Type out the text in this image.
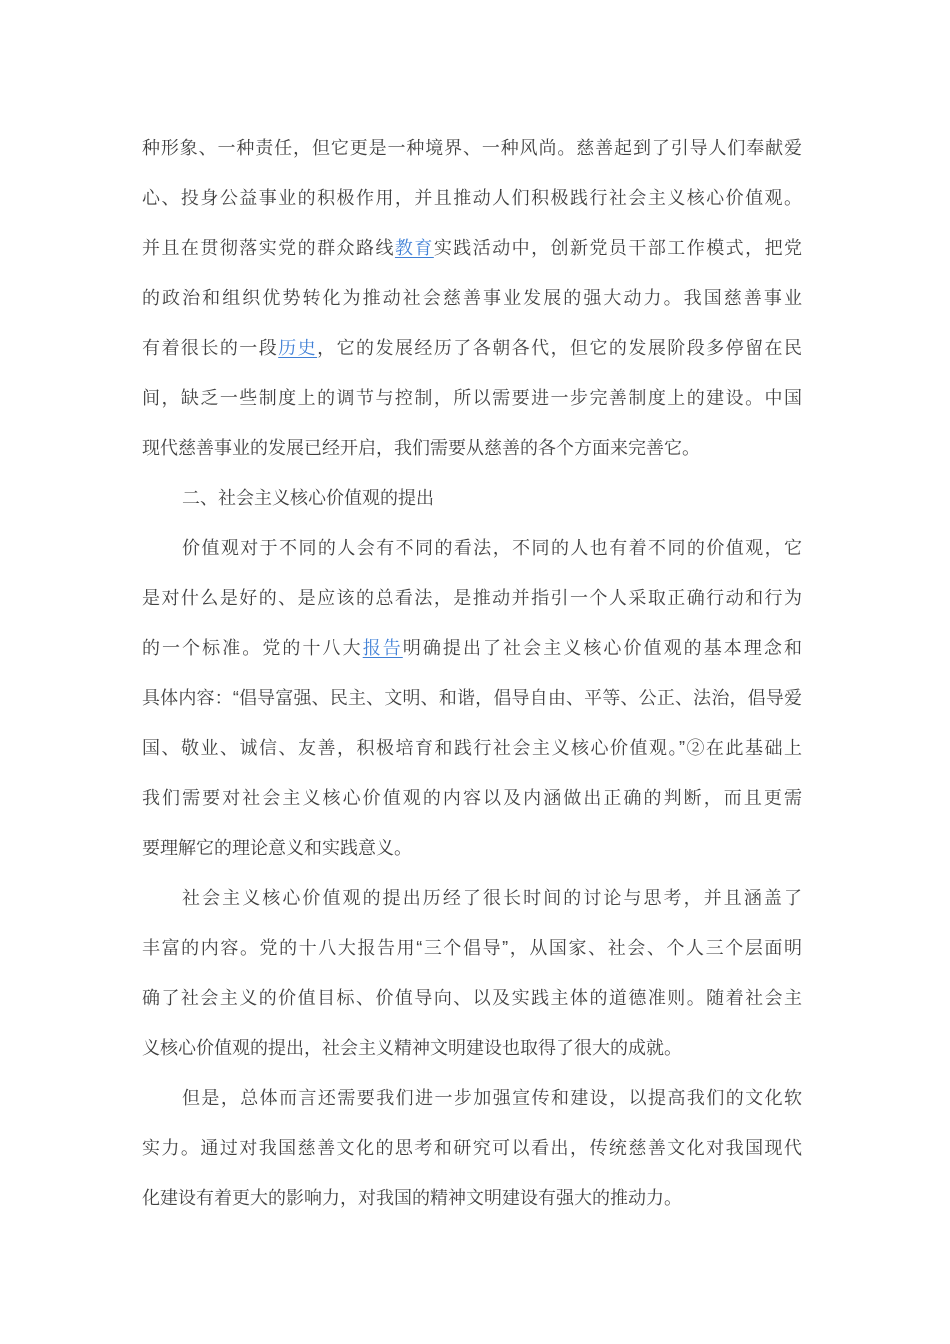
种形象、一种责任，但它更是一种境界、一种风尚。慈善起到了引导人们奉献爱
心、投身公益事业的积极作用，并且推动人们积极践行社会主义核心价值观。
并且在贯彻落实党的群众路线教育实践活动中，创新党员干部工作模式，把党
的政治和组织优势转化为推动社会慈善事业发展的强大动力。我国慈善事业
有着很长的一段历史，它的发展经历了各朝各代，但它的发展阶段多停留在民
间，缺乏一些制度上的调节与控制，所以需要进一步完善制度上的建设。中国
现代慈善事业的发展已经开启，我们需要从慈善的各个方面来完善它。
二、社会主义核心价值观的提出
价值观对于不同的人会有不同的看法，不同的人也有着不同的价值观，它
是对什么是好的、是应该的总看法，是推动并指引一个人采取正确行动和行为
的一个标准。党的十八大报告明确提出了社会主义核心价值观的基本理念和
具体内容：“倡导富强、民主、文明、和谐，倡导自由、平等、公正、法治，倡导爱
国、敬业、诚信、友善，积极培育和践行社会主义核心价值观。”②在此基础上
我们需要对社会主义核心价值观的内容以及内涵做出正确的判断，而且更需
要理解它的理论意义和实践意义。
社会主义核心价值观的提出历经了很长时间的讨论与思考，并且涵盖了
丰富的内容。党的十八大报告用“三个倡导”，从国家、社会、个人三个层面明
确了社会主义的价值目标、价值导向、以及实践主体的道德准则。随着社会主
义核心价值观的提出，社会主义精神文明建设也取得了很大的成就。
但是，总体而言还需要我们进一步加强宣传和建设，以提高我们的文化软
实力。通过对我国慈善文化的思考和研究可以看出，传统慈善文化对我国现代
化建设有着更大的影响力，对我国的精神文明建设有强大的推动力。
